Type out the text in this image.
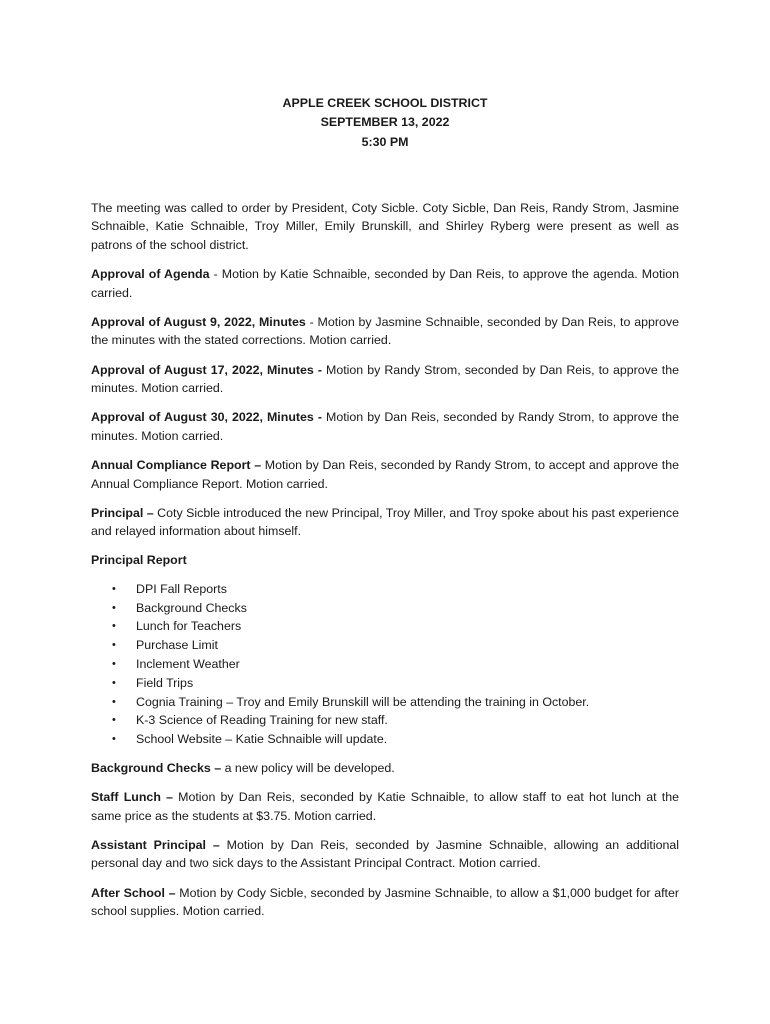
APPLE CREEK SCHOOL DISTRICT
SEPTEMBER 13, 2022
5:30 PM

The meeting was called to order by President, Coty Sicble. Coty Sicble, Dan Reis, Randy Strom, Jasmine Schnaible, Katie Schnaible, Troy Miller, Emily Brunskill, and Shirley Ryberg were present as well as patrons of the school district.

Approval of Agenda - Motion by Katie Schnaible, seconded by Dan Reis, to approve the agenda. Motion carried.

Approval of August 9, 2022, Minutes - Motion by Jasmine Schnaible, seconded by Dan Reis, to approve the minutes with the stated corrections. Motion carried.

Approval of August 17, 2022, Minutes - Motion by Randy Strom, seconded by Dan Reis, to approve the minutes. Motion carried.

Approval of August 30, 2022, Minutes - Motion by Dan Reis, seconded by Randy Strom, to approve the minutes. Motion carried.

Annual Compliance Report – Motion by Dan Reis, seconded by Randy Strom, to accept and approve the Annual Compliance Report. Motion carried.

Principal – Coty Sicble introduced the new Principal, Troy Miller, and Troy spoke about his past experience and relayed information about himself.

Principal Report

• DPI Fall Reports
• Background Checks
• Lunch for Teachers
• Purchase Limit
• Inclement Weather
• Field Trips
• Cognia Training – Troy and Emily Brunskill will be attending the training in October.
• K-3 Science of Reading Training for new staff.
• School Website – Katie Schnaible will update.

Background Checks – a new policy will be developed.

Staff Lunch – Motion by Dan Reis, seconded by Katie Schnaible, to allow staff to eat hot lunch at the same price as the students at $3.75. Motion carried.

Assistant Principal – Motion by Dan Reis, seconded by Jasmine Schnaible, allowing an additional personal day and two sick days to the Assistant Principal Contract. Motion carried.

After School – Motion by Cody Sicble, seconded by Jasmine Schnaible, to allow a $1,000 budget for after school supplies. Motion carried.
